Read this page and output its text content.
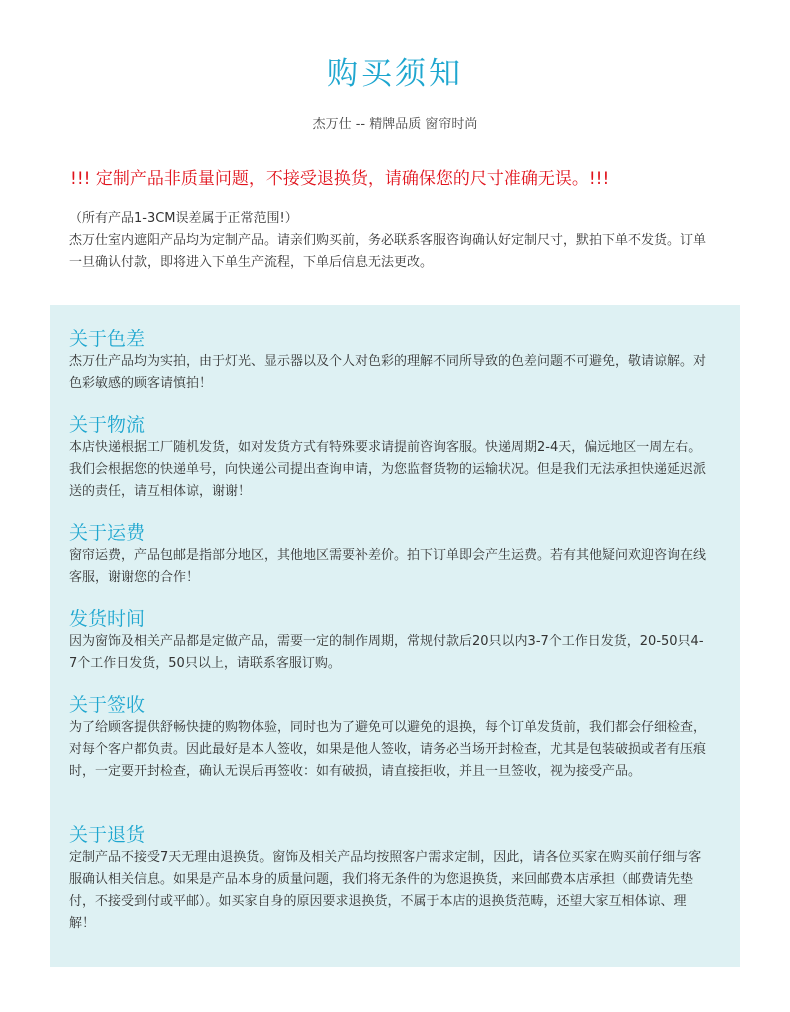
购买须知
杰万仕 -- 精牌品质 窗帘时尚
!!! 定制产品非质量问题，不接受退换货，请确保您的尺寸准确无误。!!!

（所有产品1-3CM误差属于正常范围!）

杰万仕室内遮阳产品均为定制产品。请亲们购买前，务必联系客服咨询确认好定制尺寸，默拍下单不发货。订单一旦确认付款，即将进入下单生产流程，下单后信息无法更改。

关于色差

杰万仕产品均为实拍，由于灯光、显示器以及个人对色彩的理解不同所导致的色差问题不可避免，敬请谅解。对色彩敏感的顾客请慎拍！

关于物流

本店快递根据工厂随机发货，如对发货方式有特殊要求请提前咨询客服。快递周期2-4天，偏远地区一周左右。我们会根据您的快递单号，向快递公司提出查询申请，为您监督货物的运输状况。但是我们无法承担快递延迟派送的责任，请互相体谅，谢谢！

关于运费

窗帘运费，产品包邮是指部分地区，其他地区需要补差价。拍下订单即会产生运费。若有其他疑问欢迎咨询在线客服，谢谢您的合作！

发货时间

因为窗饰及相关产品都是定做产品，需要一定的制作周期，常规付款后20只以内3-7个工作日发货，20-50只4-7个工作日发货，50只以上，请联系客服订购。

关于签收

为了给顾客提供舒畅快捷的购物体验，同时也为了避免可以避免的退换，每个订单发货前，我们都会仔细检查，对每个客户都负责。因此最好是本人签收，如果是他人签收，请务必当场开封检查，尤其是包装破损或者有压痕时，一定要开封检查，确认无误后再签收：如有破损，请直接拒收，并且一旦签收，视为接受产品。

关于退货

定制产品不接受7天无理由退换货。窗饰及相关产品均按照客户需求定制，因此，请各位买家在购买前仔细与客服确认相关信息。如果是产品本身的质量问题，我们将无条件的为您退换货，来回邮费本店承担（邮费请先垫付，不接受到付或平邮）。如买家自身的原因要求退换货，不属于本店的退换货范畴，还望大家互相体谅、理解！
